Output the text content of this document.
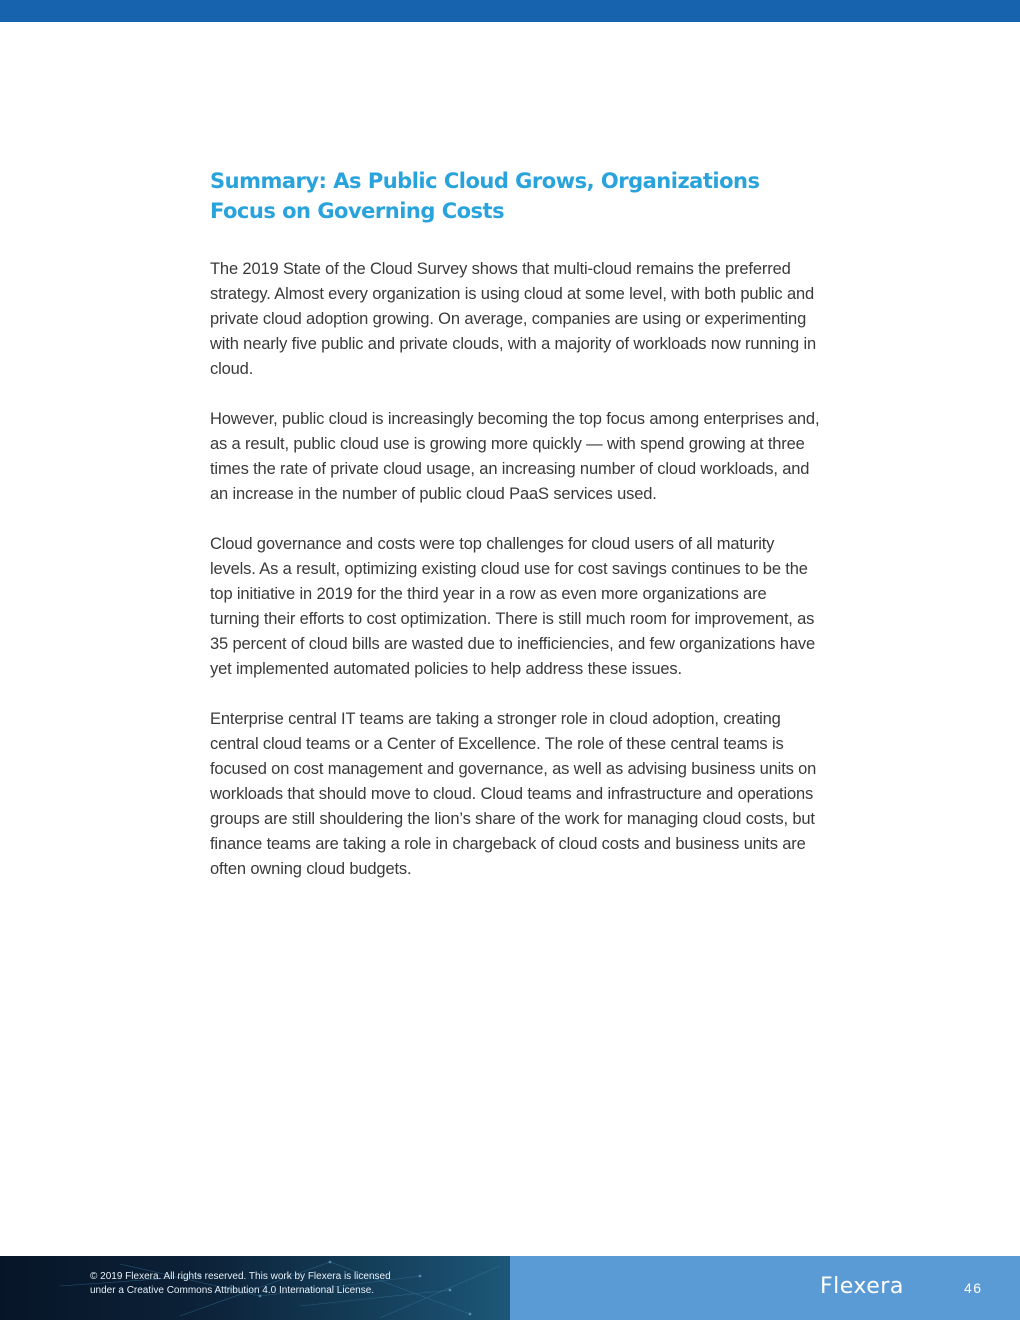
Summary: As Public Cloud Grows, Organizations Focus on Governing Costs

The 2019 State of the Cloud Survey shows that multi-cloud remains the preferred strategy. Almost every organization is using cloud at some level, with both public and private cloud adoption growing. On average, companies are using or experimenting with nearly five public and private clouds, with a majority of workloads now running in cloud.

However, public cloud is increasingly becoming the top focus among enterprises and, as a result, public cloud use is growing more quickly — with spend growing at three times the rate of private cloud usage, an increasing number of cloud workloads, and an increase in the number of public cloud PaaS services used.

Cloud governance and costs were top challenges for cloud users of all maturity levels. As a result, optimizing existing cloud use for cost savings continues to be the top initiative in 2019 for the third year in a row as even more organizations are turning their efforts to cost optimization. There is still much room for improvement, as 35 percent of cloud bills are wasted due to inefficiencies, and few organizations have yet implemented automated policies to help address these issues.

Enterprise central IT teams are taking a stronger role in cloud adoption, creating central cloud teams or a Center of Excellence. The role of these central teams is focused on cost management and governance, as well as advising business units on workloads that should move to cloud. Cloud teams and infrastructure and operations groups are still shouldering the lion’s share of the work for managing cloud costs, but finance teams are taking a role in chargeback of cloud costs and business units are often owning cloud budgets.

© 2019 Flexera. All rights reserved. This work by Flexera is licensed
under a Creative Commons Attribution 4.0 International License.	Flexera	46
